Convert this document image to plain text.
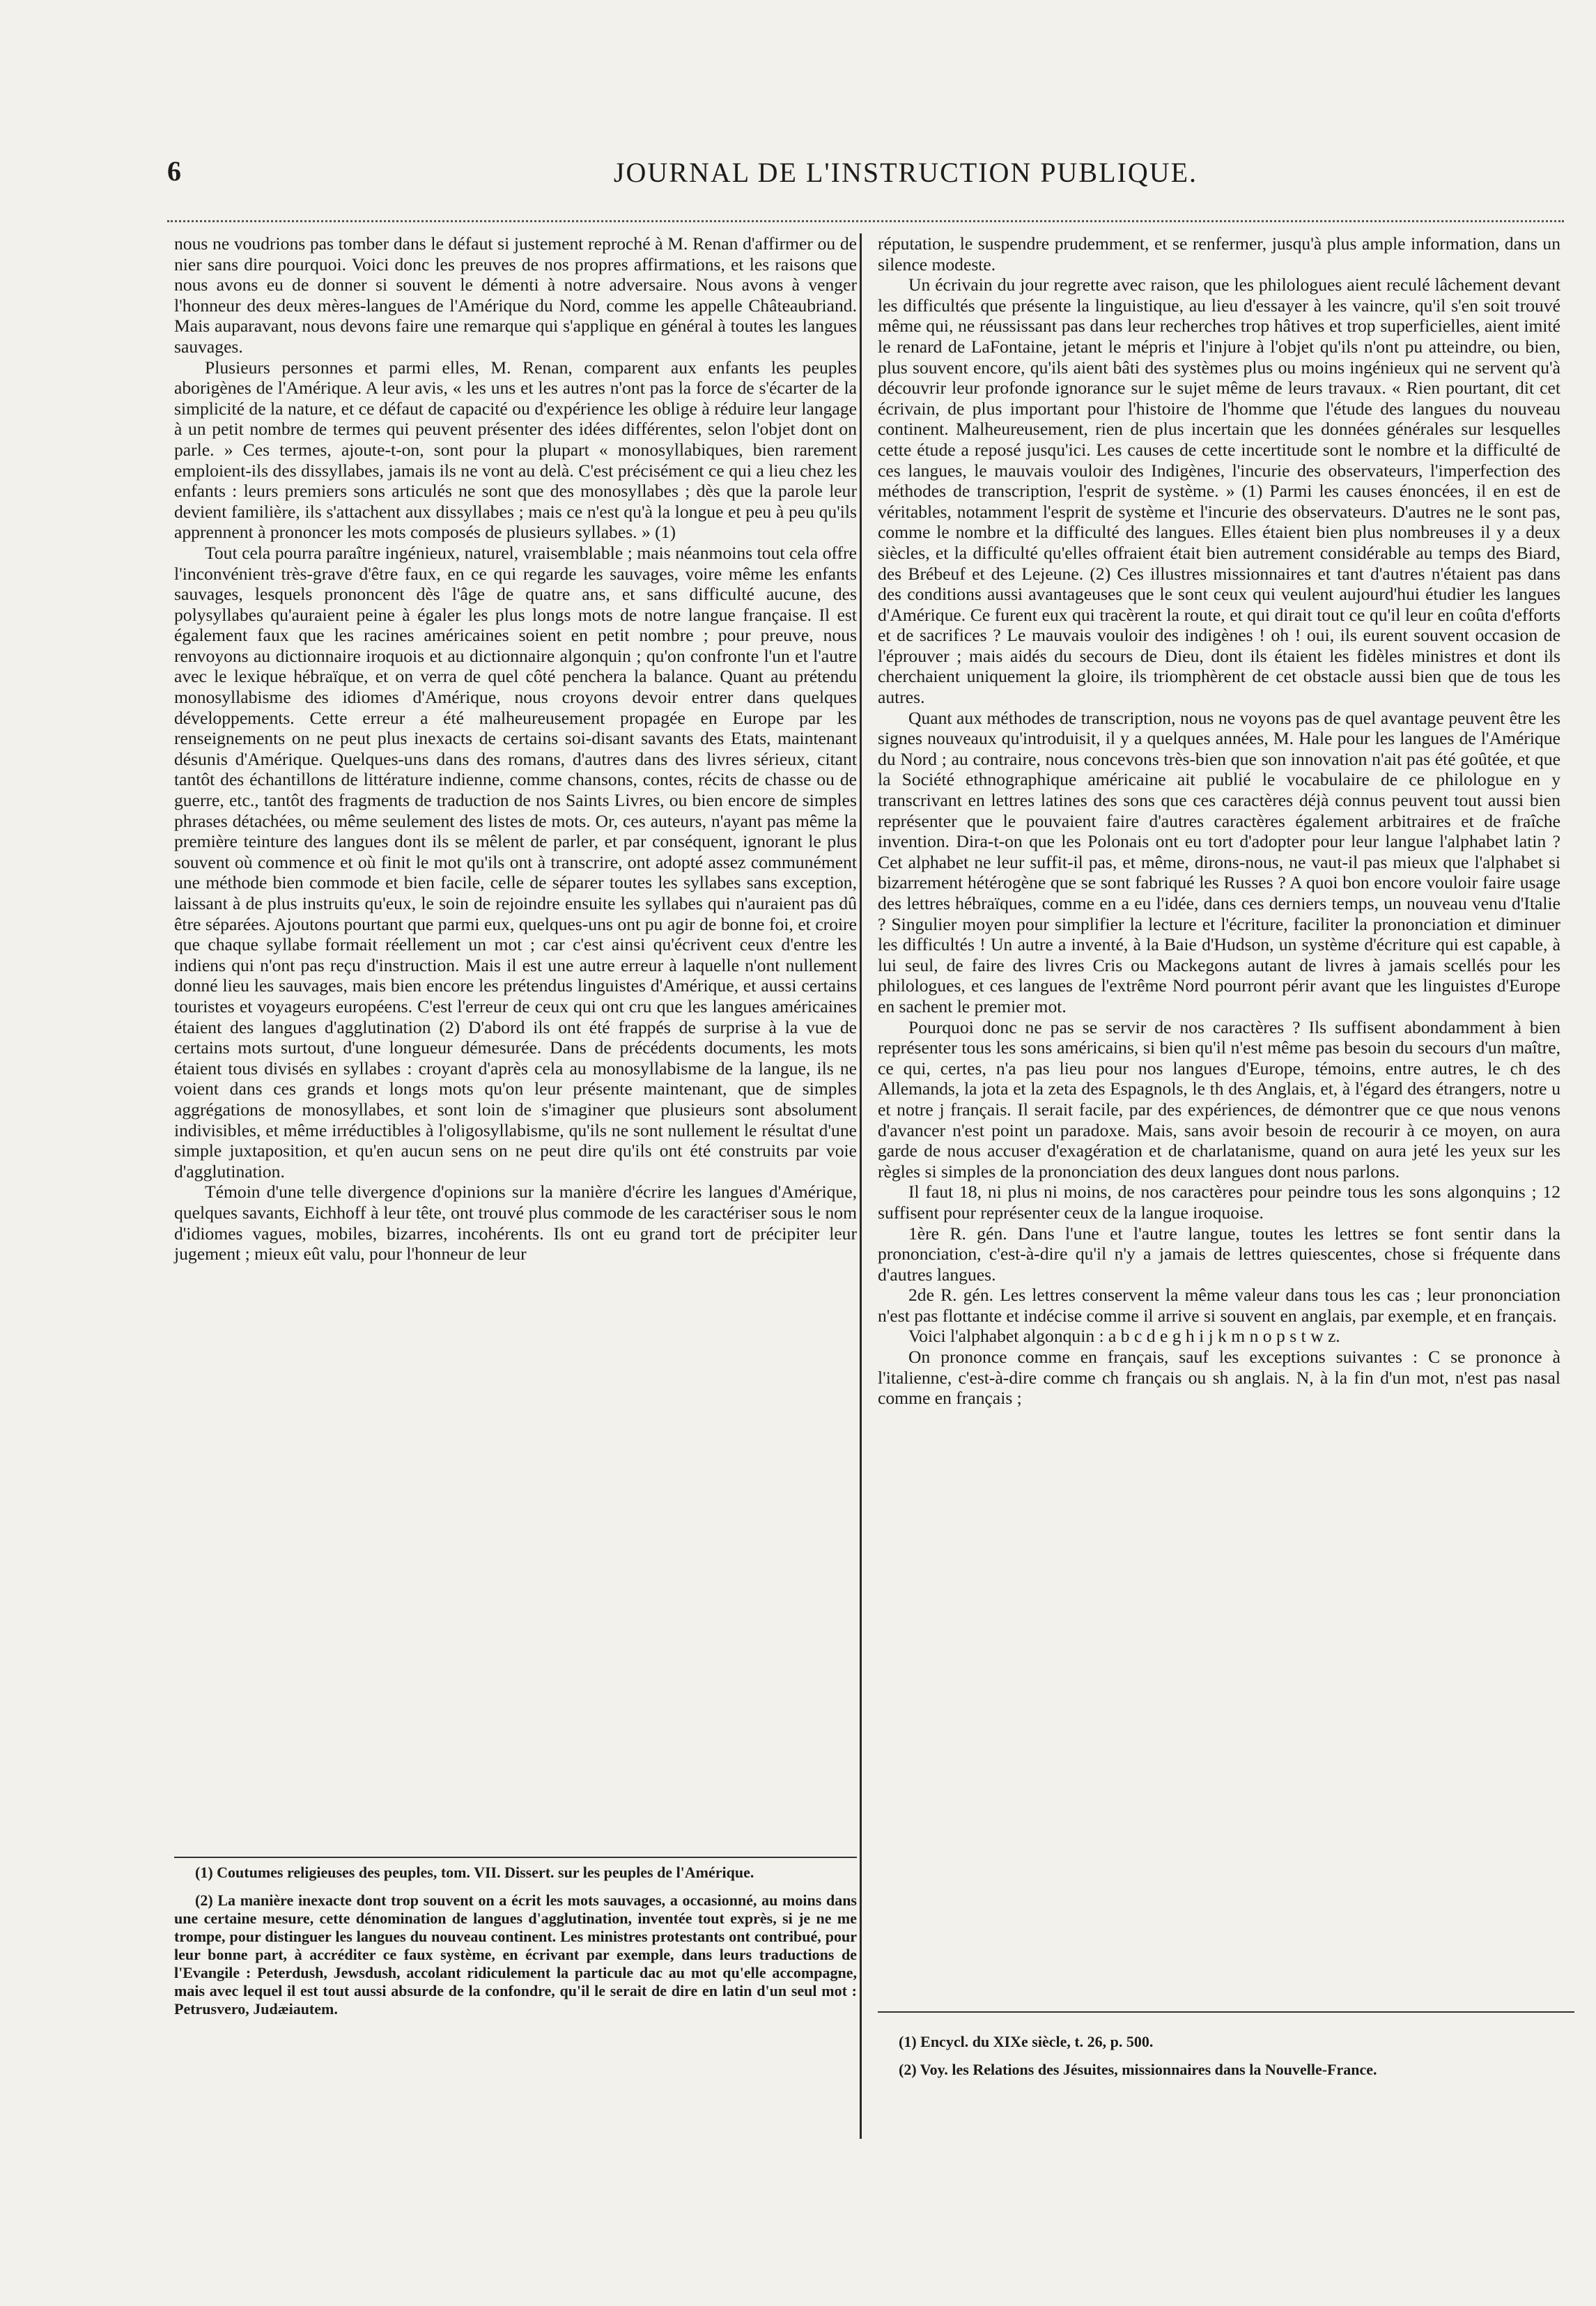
6	JOURNAL DE L'INSTRUCTION PUBLIQUE.

nous ne voudrions pas tomber dans le défaut si justement reproché à M. Renan d'affirmer ou de nier sans dire pourquoi. Voici donc les preuves de nos propres affirmations, et les raisons que nous avons eu de donner si souvent le démenti à notre adversaire. Nous avons à venger l'honneur des deux mères-langues de l'Amérique du Nord, comme les appelle Châteaubriand. Mais auparavant, nous devons faire une remarque qui s'applique en général à toutes les langues sauvages.

Plusieurs personnes et parmi elles, M. Renan, comparent aux enfants les peuples aborigènes de l'Amérique. A leur avis, « les uns et les autres n'ont pas la force de s'écarter de la simplicité de la nature, et ce défaut de capacité ou d'expérience les oblige à réduire leur langage à un petit nombre de termes qui peuvent présenter des idées différentes, selon l'objet dont on parle. » Ces termes, ajoute-t-on, sont pour la plupart « monosyllabiques, bien rarement emploient-ils des dissyllabes, jamais ils ne vont au delà. C'est précisément ce qui a lieu chez les enfants : leurs premiers sons articulés ne sont que des monosyllabes ; dès que la parole leur devient familière, ils s'attachent aux dissyllabes ; mais ce n'est qu'à la longue et peu à peu qu'ils apprennent à prononcer les mots composés de plusieurs syllabes. » (1)

Tout cela pourra paraître ingénieux, naturel, vraisemblable ; mais néanmoins tout cela offre l'inconvénient très-grave d'être faux, en ce qui regarde les sauvages, voire même les enfants sauvages, lesquels prononcent dès l'âge de quatre ans, et sans difficulté aucune, des polysyllabes qu'auraient peine à égaler les plus longs mots de notre langue française. Il est également faux que les racines américaines soient en petit nombre ; pour preuve, nous renvoyons au dictionnaire iroquois et au dictionnaire algonquin ; qu'on confronte l'un et l'autre avec le lexique hébraïque, et on verra de quel côté penchera la balance. Quant au prétendu monosyllabisme des idiomes d'Amérique, nous croyons devoir entrer dans quelques développements. Cette erreur a été malheureusement propagée en Europe par les renseignements on ne peut plus inexacts de certains soi-disant savants des Etats, maintenant désunis d'Amérique. Quelques-uns dans des romans, d'autres dans des livres sérieux, citant tantôt des échantillons de littérature indienne, comme chansons, contes, récits de chasse ou de guerre, etc., tantôt des fragments de traduction de nos Saints Livres, ou bien encore de simples phrases détachées, ou même seulement des listes de mots. Or, ces auteurs, n'ayant pas même la première teinture des langues dont ils se mêlent de parler, et par conséquent, ignorant le plus souvent où commence et où finit le mot qu'ils ont à transcrire, ont adopté assez communément une méthode bien commode et bien facile, celle de séparer toutes les syllabes sans exception, laissant à de plus instruits qu'eux, le soin de rejoindre ensuite les syllabes qui n'auraient pas dû être séparées. Ajoutons pourtant que parmi eux, quelques-uns ont pu agir de bonne foi, et croire que chaque syllabe formait réellement un mot ; car c'est ainsi qu'écrivent ceux d'entre les indiens qui n'ont pas reçu d'instruction. Mais il est une autre erreur à laquelle n'ont nullement donné lieu les sauvages, mais bien encore les prétendus linguistes d'Amérique, et aussi certains touristes et voyageurs européens. C'est l'erreur de ceux qui ont cru que les langues américaines étaient des langues d'agglutination (2) D'abord ils ont été frappés de surprise à la vue de certains mots surtout, d'une longueur démesurée. Dans de précédents documents, les mots étaient tous divisés en syllabes : croyant d'après cela au monosyllabisme de la langue, ils ne voient dans ces grands et longs mots qu'on leur présente maintenant, que de simples aggrégations de monosyllabes, et sont loin de s'imaginer que plusieurs sont absolument indivisibles, et même irréductibles à l'oligosyllabisme, qu'ils ne sont nullement le résultat d'une simple juxtaposition, et qu'en aucun sens on ne peut dire qu'ils ont été construits par voie d'agglutination.

Témoin d'une telle divergence d'opinions sur la manière d'écrire les langues d'Amérique, quelques savants, Eichhoff à leur tête, ont trouvé plus commode de les caractériser sous le nom d'idiomes vagues, mobiles, bizarres, incohérents. Ils ont eu grand tort de précipiter leur jugement ; mieux eût valu, pour l'honneur de leur

réputation, le suspendre prudemment, et se renfermer, jusqu'à plus ample information, dans un silence modeste.

Un écrivain du jour regrette avec raison, que les philologues aient reculé lâchement devant les difficultés que présente la linguistique, au lieu d'essayer à les vaincre, qu'il s'en soit trouvé même qui, ne réussissant pas dans leur recherches trop hâtives et trop superficielles, aient imité le renard de LaFontaine, jetant le mépris et l'injure à l'objet qu'ils n'ont pu atteindre, ou bien, plus souvent encore, qu'ils aient bâti des systèmes plus ou moins ingénieux qui ne servent qu'à découvrir leur profonde ignorance sur le sujet même de leurs travaux. « Rien pourtant, dit cet écrivain, de plus important pour l'histoire de l'homme que l'étude des langues du nouveau continent. Malheureusement, rien de plus incertain que les données générales sur lesquelles cette étude a reposé jusqu'ici. Les causes de cette incertitude sont le nombre et la difficulté de ces langues, le mauvais vouloir des Indigènes, l'incurie des observateurs, l'imperfection des méthodes de transcription, l'esprit de système. » (1) Parmi les causes énoncées, il en est de véritables, notamment l'esprit de système et l'incurie des observateurs. D'autres ne le sont pas, comme le nombre et la difficulté des langues. Elles étaient bien plus nombreuses il y a deux siècles, et la difficulté qu'elles offraient était bien autrement considérable au temps des Biard, des Brébeuf et des Lejeune. (2) Ces illustres missionnaires et tant d'autres n'étaient pas dans des conditions aussi avantageuses que le sont ceux qui veulent aujourd'hui étudier les langues d'Amérique. Ce furent eux qui tracèrent la route, et qui dirait tout ce qu'il leur en coûta d'efforts et de sacrifices ? Le mauvais vouloir des indigènes ! oh ! oui, ils eurent souvent occasion de l'éprouver ; mais aidés du secours de Dieu, dont ils étaient les fidèles ministres et dont ils cherchaient uniquement la gloire, ils triomphèrent de cet obstacle aussi bien que de tous les autres.

Quant aux méthodes de transcription, nous ne voyons pas de quel avantage peuvent être les signes nouveaux qu'introduisit, il y a quelques années, M. Hale pour les langues de l'Amérique du Nord ; au contraire, nous concevons très-bien que son innovation n'ait pas été goûtée, et que la Société ethnographique américaine ait publié le vocabulaire de ce philologue en y transcrivant en lettres latines des sons que ces caractères déjà connus peuvent tout aussi bien représenter que le pouvaient faire d'autres caractères également arbitraires et de fraîche invention. Dira-t-on que les Polonais ont eu tort d'adopter pour leur langue l'alphabet latin ? Cet alphabet ne leur suffit-il pas, et même, dirons-nous, ne vaut-il pas mieux que l'alphabet si bizarrement hétérogène que se sont fabriqué les Russes ? A quoi bon encore vouloir faire usage des lettres hébraïques, comme en a eu l'idée, dans ces derniers temps, un nouveau venu d'Italie ? Singulier moyen pour simplifier la lecture et l'écriture, faciliter la prononciation et diminuer les difficultés ! Un autre a inventé, à la Baie d'Hudson, un système d'écriture qui est capable, à lui seul, de faire des livres Cris ou Mackegons autant de livres à jamais scellés pour les philologues, et ces langues de l'extrême Nord pourront périr avant que les linguistes d'Europe en sachent le premier mot.

Pourquoi donc ne pas se servir de nos caractères ? Ils suffisent abondamment à bien représenter tous les sons américains, si bien qu'il n'est même pas besoin du secours d'un maître, ce qui, certes, n'a pas lieu pour nos langues d'Europe, témoins, entre autres, le ch des Allemands, la jota et la zeta des Espagnols, le th des Anglais, et, à l'égard des étrangers, notre u et notre j français. Il serait facile, par des expériences, de démontrer que ce que nous venons d'avancer n'est point un paradoxe. Mais, sans avoir besoin de recourir à ce moyen, on aura garde de nous accuser d'exagération et de charlatanisme, quand on aura jeté les yeux sur les règles si simples de la prononciation des deux langues dont nous parlons.

Il faut 18, ni plus ni moins, de nos caractères pour peindre tous les sons algonquins ; 12 suffisent pour représenter ceux de la langue iroquoise.

1ère R. gén. Dans l'une et l'autre langue, toutes les lettres se font sentir dans la prononciation, c'est-à-dire qu'il n'y a jamais de lettres quiescentes, chose si fréquente dans d'autres langues.

2de R. gén. Les lettres conservent la même valeur dans tous les cas ; leur prononciation n'est pas flottante et indécise comme il arrive si souvent en anglais, par exemple, et en français.

Voici l'alphabet algonquin : a b c d e g h i j k m n o p s t w z.

On prononce comme en français, sauf les exceptions suivantes : C se prononce à l'italienne, c'est-à-dire comme ch français ou sh anglais. N, à la fin d'un mot, n'est pas nasal comme en français ;

(1) Coutumes religieuses des peuples, tom. VII. Dissert. sur les peuples de l'Amérique.

(2) La manière inexacte dont trop souvent on a écrit les mots sauvages, a occasionné, au moins dans une certaine mesure, cette dénomination de langues d'agglutination, inventée tout exprès, si je ne me trompe, pour distinguer les langues du nouveau continent. Les ministres protestants ont contribué, pour leur bonne part, à accréditer ce faux système, en écrivant par exemple, dans leurs traductions de l'Evangile : Peterdush, Jewsdush, accolant ridiculement la particule dac au mot qu'elle accompagne, mais avec lequel il est tout aussi absurde de la confondre, qu'il le serait de dire en latin d'un seul mot : Petrusvero, Judæiautem.

(1) Encycl. du XIXe siècle, t. 26, p. 500.

(2) Voy. les Relations des Jésuites, missionnaires dans la Nouvelle-France.
